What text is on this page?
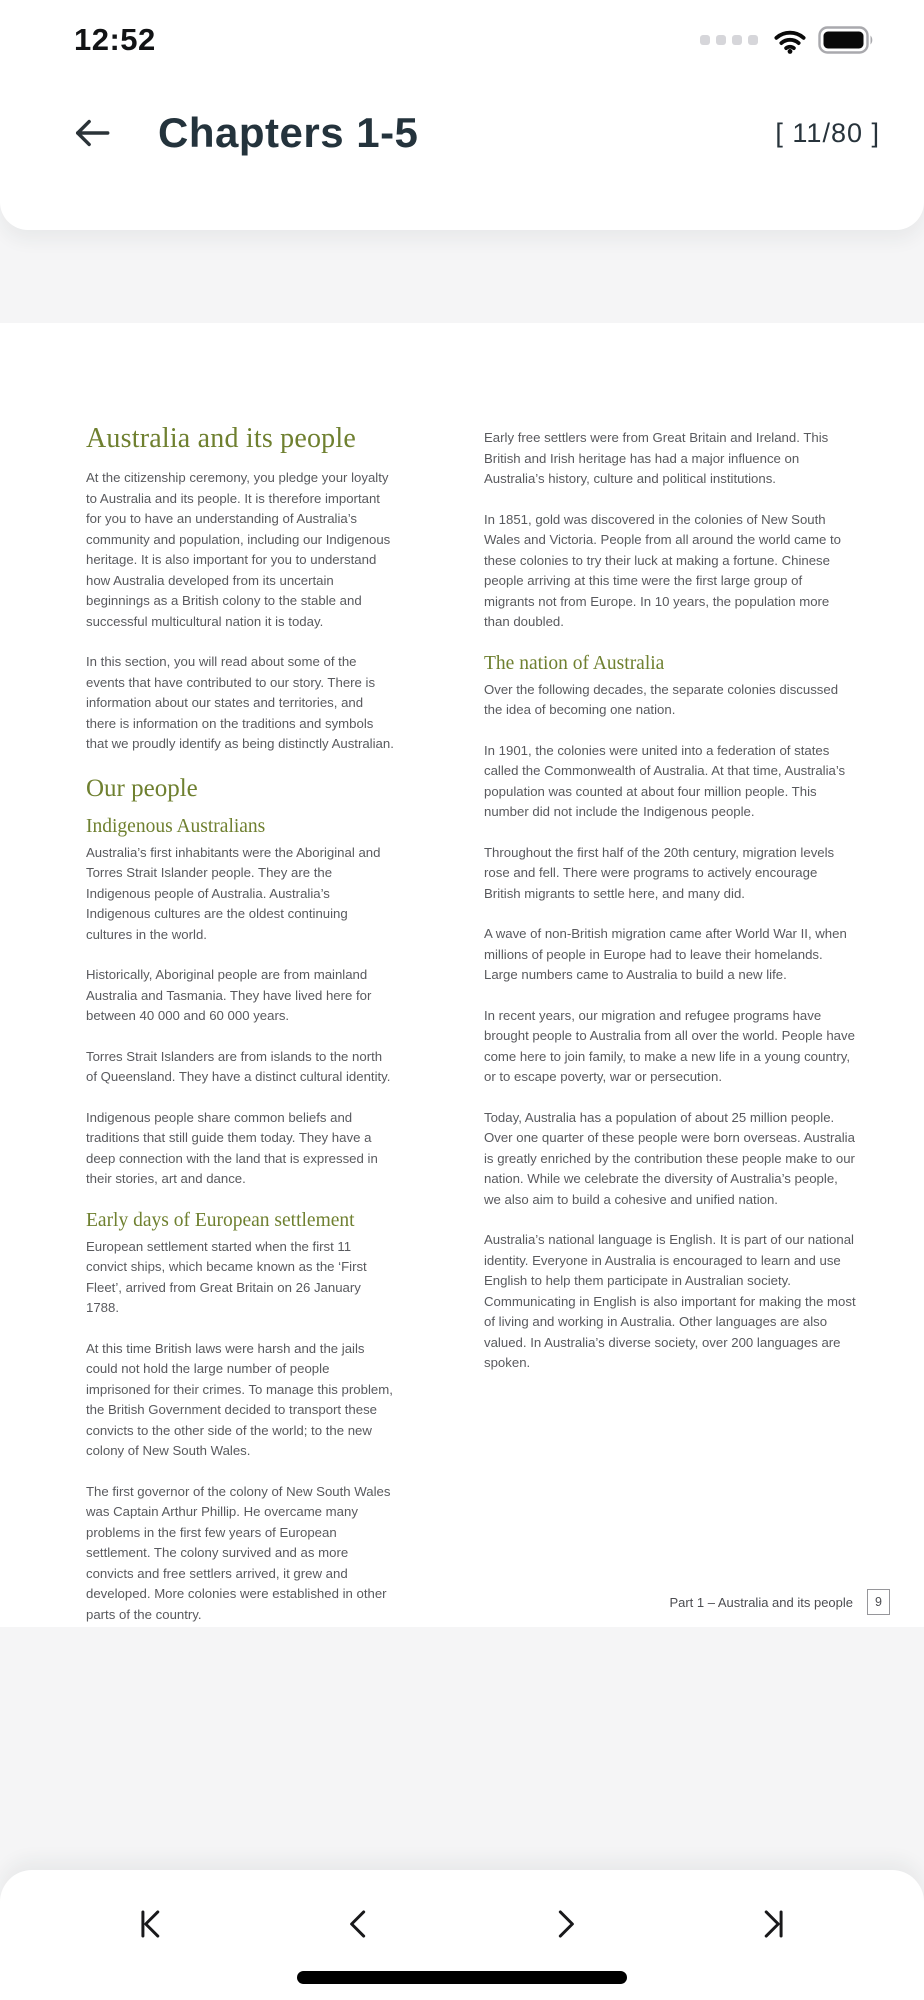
12:52
Chapters 1-5	[ 11/80 ]
Australia and its people

At the citizenship ceremony, you pledge your loyalty to Australia and its people. It is therefore important for you to have an understanding of Australia’s community and population, including our Indigenous heritage. It is also important for you to understand how Australia developed from its uncertain beginnings as a British colony to the stable and successful multicultural nation it is today.

In this section, you will read about some of the events that have contributed to our story. There is information about our states and territories, and there is information on the traditions and symbols that we proudly identify as being distinctly Australian.

Our people
Indigenous Australians

Australia’s first inhabitants were the Aboriginal and Torres Strait Islander people. They are the Indigenous people of Australia. Australia’s Indigenous cultures are the oldest continuing cultures in the world.

Historically, Aboriginal people are from mainland Australia and Tasmania. They have lived here for between 40 000 and 60 000 years.

Torres Strait Islanders are from islands to the north of Queensland. They have a distinct cultural identity.

Indigenous people share common beliefs and traditions that still guide them today. They have a deep connection with the land that is expressed in their stories, art and dance.

Early days of European settlement

European settlement started when the first 11 convict ships, which became known as the ‘First Fleet’, arrived from Great Britain on 26 January 1788.

At this time British laws were harsh and the jails could not hold the large number of people imprisoned for their crimes. To manage this problem, the British Government decided to transport these convicts to the other side of the world; to the new colony of New South Wales.

The first governor of the colony of New South Wales was Captain Arthur Phillip. He overcame many problems in the first few years of European settlement. The colony survived and as more convicts and free settlers arrived, it grew and developed. More colonies were established in other parts of the country.

Early free settlers were from Great Britain and Ireland. This British and Irish heritage has had a major influence on Australia’s history, culture and political institutions.

In 1851, gold was discovered in the colonies of New South Wales and Victoria. People from all around the world came to these colonies to try their luck at making a fortune. Chinese people arriving at this time were the first large group of migrants not from Europe. In 10 years, the population more than doubled.

The nation of Australia

Over the following decades, the separate colonies discussed the idea of becoming one nation.

In 1901, the colonies were united into a federation of states called the Commonwealth of Australia. At that time, Australia’s population was counted at about four million people. This number did not include the Indigenous people.

Throughout the first half of the 20th century, migration levels rose and fell. There were programs to actively encourage British migrants to settle here, and many did.

A wave of non-British migration came after World War II, when millions of people in Europe had to leave their homelands. Large numbers came to Australia to build a new life.

In recent years, our migration and refugee programs have brought people to Australia from all over the world. People have come here to join family, to make a new life in a young country, or to escape poverty, war or persecution.

Today, Australia has a population of about 25 million people. Over one quarter of these people were born overseas. Australia is greatly enriched by the contribution these people make to our nation. While we celebrate the diversity of Australia’s people, we also aim to build a cohesive and unified nation.

Australia’s national language is English. It is part of our national identity. Everyone in Australia is encouraged to learn and use English to help them participate in Australian society. Communicating in English is also important for making the most of living and working in Australia. Other languages are also valued. In Australia’s diverse society, over 200 languages are spoken.

Part 1 – Australia and its people	9
